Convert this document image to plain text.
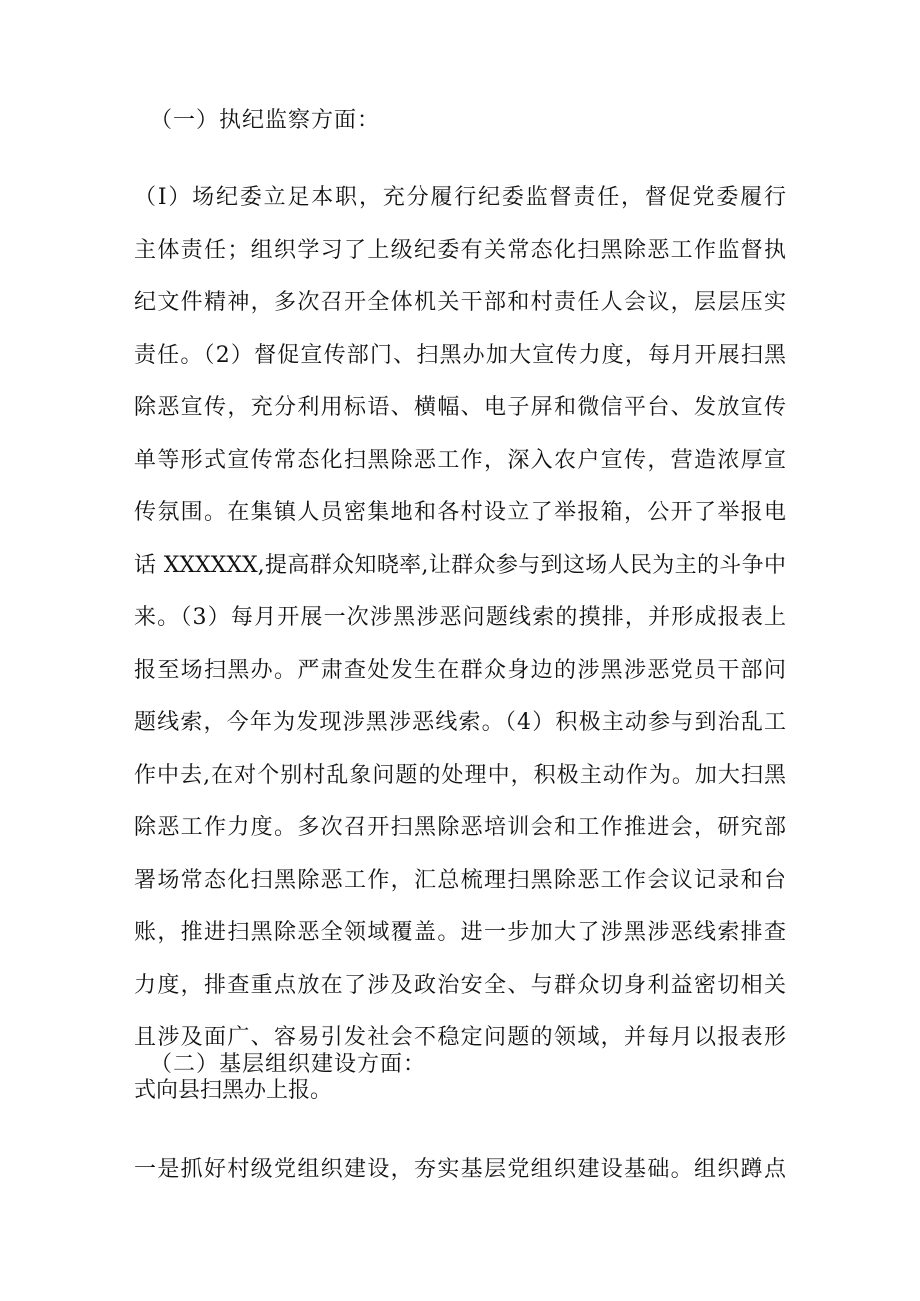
（一）执纪监察方面：
（I）场纪委立足本职，充分履行纪委监督责任，督促党委履行
主体责任；组织学习了上级纪委有关常态化扫黑除恶工作监督执
纪文件精神，多次召开全体机关干部和村责任人会议，层层压实
责任。（2）督促宣传部门、扫黑办加大宣传力度，每月开展扫黑
除恶宣传，充分利用标语、横幅、电子屏和微信平台、发放宣传
单等形式宣传常态化扫黑除恶工作，深入农户宣传，营造浓厚宣
传氛围。在集镇人员密集地和各村设立了举报箱，公开了举报电
话 XXXXXX,提高群众知晓率,让群众参与到这场人民为主的斗争中
来。（3）每月开展一次涉黑涉恶问题线索的摸排，并形成报表上
报至场扫黑办。严肃查处发生在群众身边的涉黑涉恶党员干部问
题线索，今年为发现涉黑涉恶线索。（4）积极主动参与到治乱工
作中去,在对个别村乱象问题的处理中，积极主动作为。加大扫黑
除恶工作力度。多次召开扫黑除恶培训会和工作推进会，研究部
署场常态化扫黑除恶工作，汇总梳理扫黑除恶工作会议记录和台
账，推进扫黑除恶全领域覆盖。进一步加大了涉黑涉恶线索排查
力度，排查重点放在了涉及政治安全、与群众切身利益密切相关
且涉及面广、容易引发社会不稳定问题的领域，并每月以报表形
式向县扫黑办上报。
（二）基层组织建设方面：
一是抓好村级党组织建设，夯实基层党组织建设基础。组织蹲点
